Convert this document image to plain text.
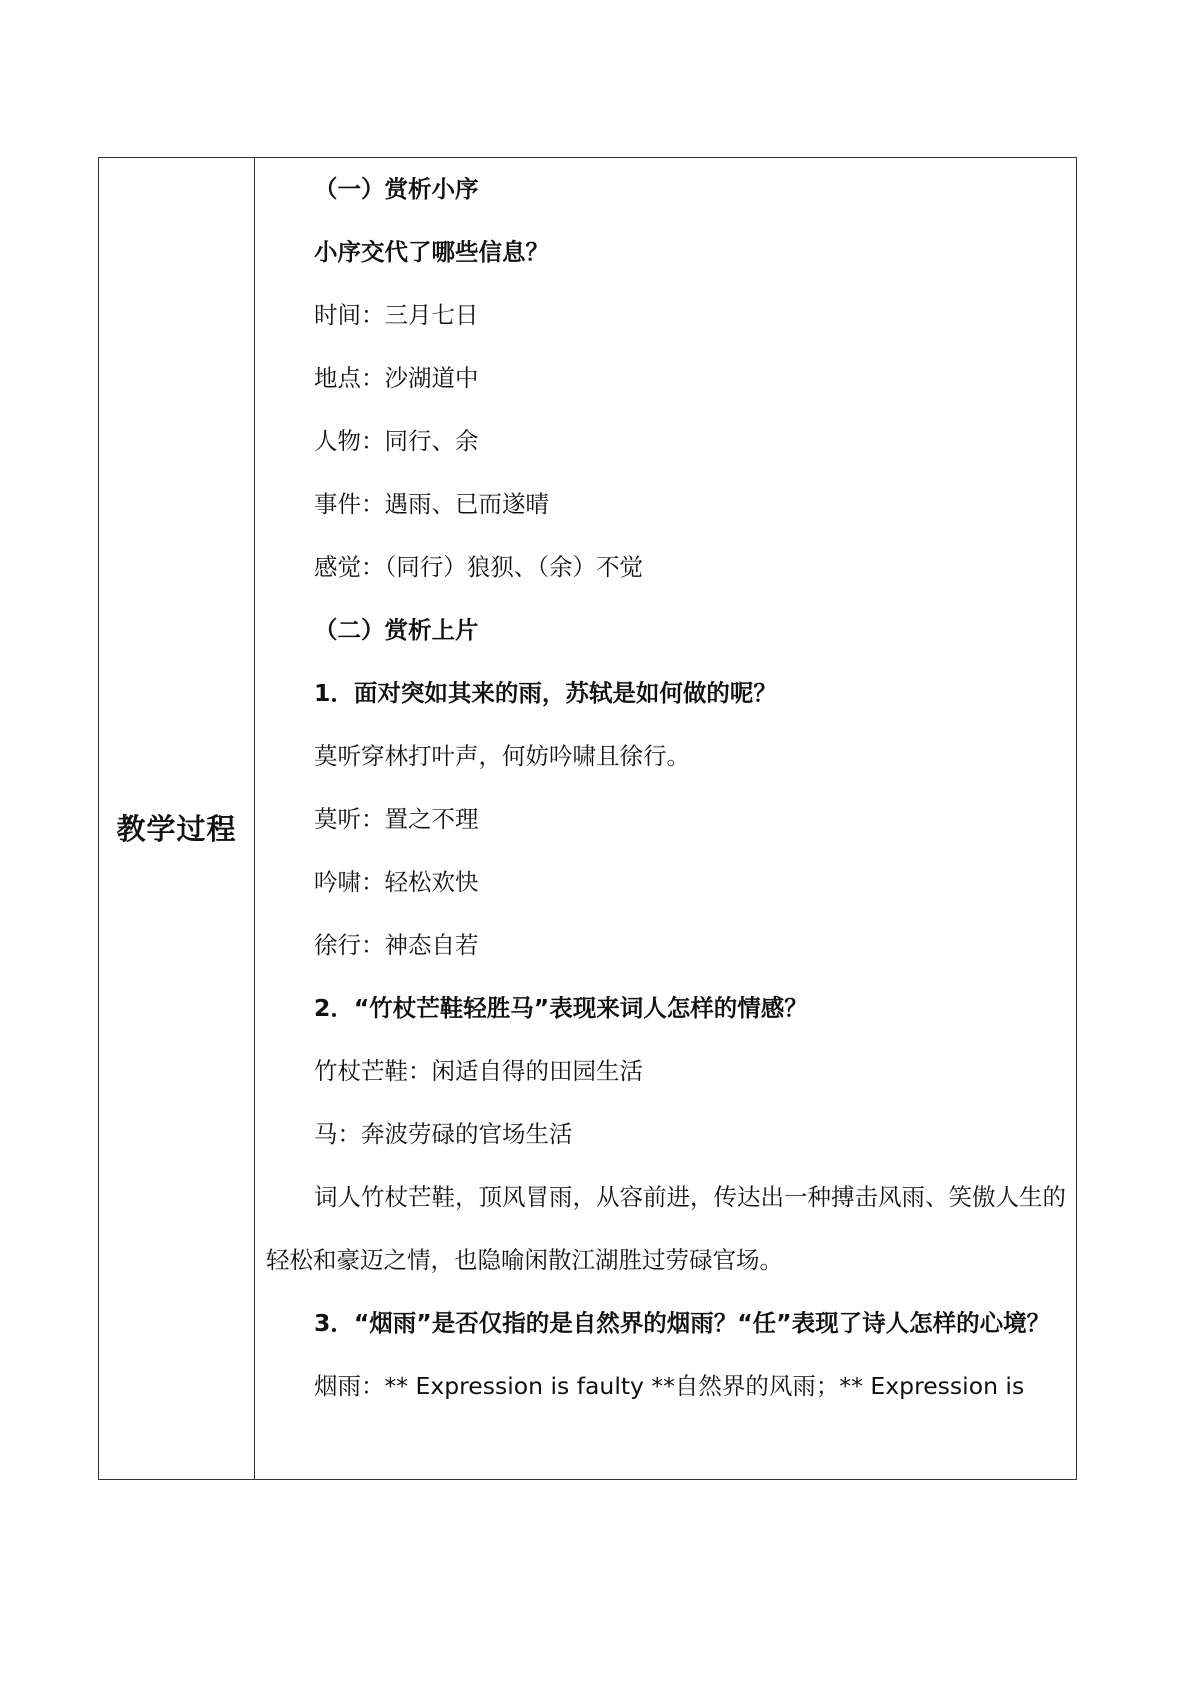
教学过程

（一）赏析小序

小序交代了哪些信息？

时间：三月七日

地点：沙湖道中

人物：同行、余

事件：遇雨、已而遂晴

感觉：（同行）狼狈、（余）不觉

（二）赏析上片

1．面对突如其来的雨，苏轼是如何做的呢？

莫听穿林打叶声，何妨吟啸且徐行。

莫听：置之不理

吟啸：轻松欢快

徐行：神态自若

2．“竹杖芒鞋轻胜马”表现来词人怎样的情感？

竹杖芒鞋：闲适自得的田园生活

马：奔波劳碌的官场生活

词人竹杖芒鞋，顶风冒雨，从容前进，传达出一种搏击风雨、笑傲人生的轻松和豪迈之情，也隐喻闲散江湖胜过劳碌官场。

3．“烟雨”是否仅指的是自然界的烟雨？“任”表现了诗人怎样的心境？

烟雨：** Expression is faulty **自然界的风雨；** Expression is
